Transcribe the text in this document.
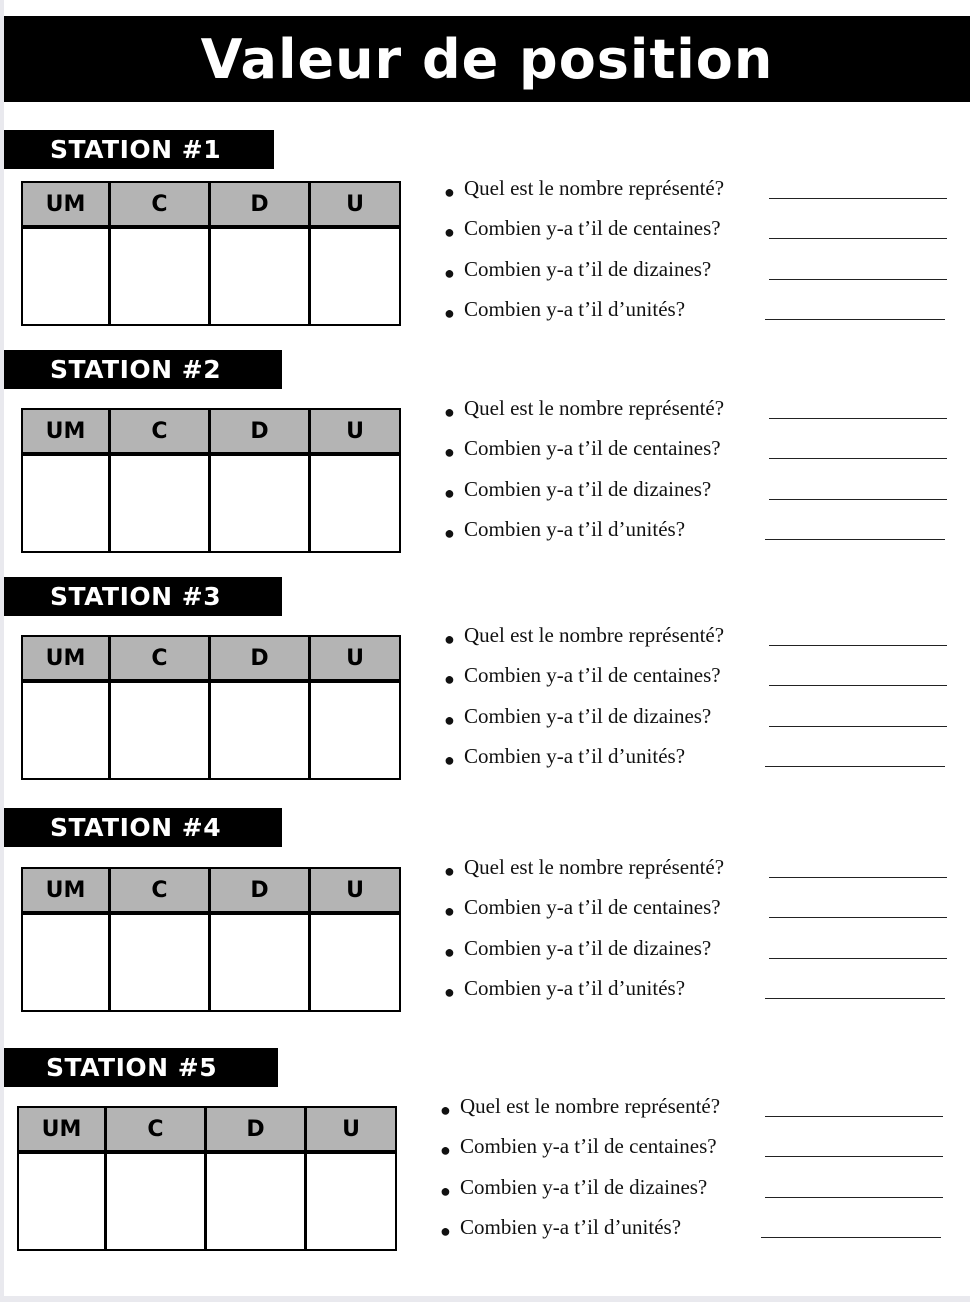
Valeur de position
STATION #1
UM	C	D	U	● Quel est le nombre représenté?
● Combien y-a t’il de centaines?
● Combien y-a t’il de dizaines?
● Combien y-a t’il d’unités?
STATION #2
UM	C	D	U
● Quel est le nombre représenté?
● Combien y-a t’il de centaines?
● Combien y-a t’il de dizaines?
● Combien y-a t’il d’unités?
STATION #3
UM	C	D	U
● Quel est le nombre représenté?
● Combien y-a t’il de centaines?
● Combien y-a t’il de dizaines?
● Combien y-a t’il d’unités?
STATION #4
UM	C	D	U
● Quel est le nombre représenté?
● Combien y-a t’il de centaines?
● Combien y-a t’il de dizaines?
● Combien y-a t’il d’unités?
STATION #5
UM	C	D	U
● Quel est le nombre représenté?
● Combien y-a t’il de centaines?
● Combien y-a t’il de dizaines?
● Combien y-a t’il d’unités?
